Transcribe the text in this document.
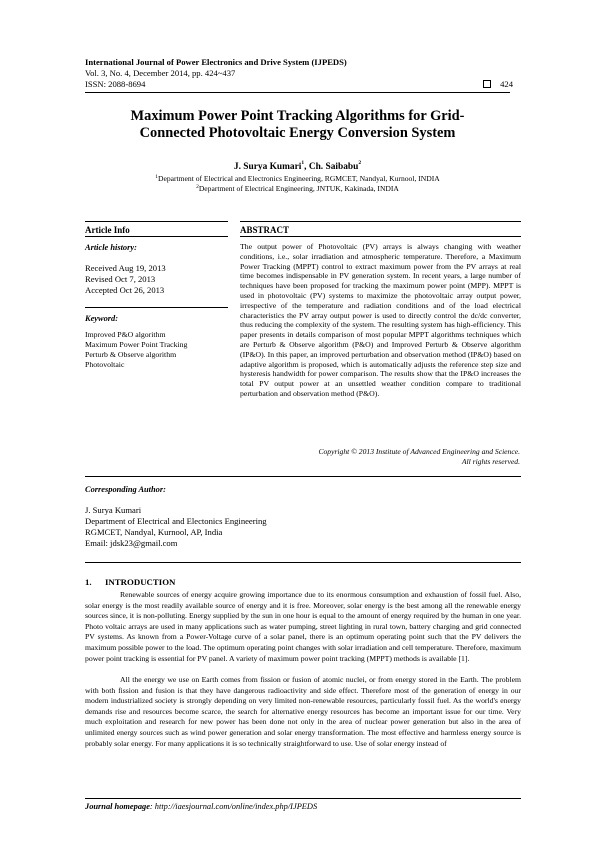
International Journal of Power Electronics and Drive System (IJPEDS)
Vol. 3, No. 4, December 2014, pp. 424~437
ISSN: 2088-8694	424
Maximum Power Point Tracking Algorithms for Grid-
Connected Photovoltaic Energy Conversion System
J. Surya Kumari$^1$, Ch. Saibabu$^2$
$^1$Department of Electrical and Electronics Engineering, RGMCET, Nandyal, Kurnool, INDIA
$^2$Department of Electrical Engineering, JNTUK, Kakinada, INDIA
Article Info	ABSTRACT
Article history:
Received Aug 19, 2013
Revised Oct 7, 2013
Accepted Oct 26, 2013
Keyword:
Improved P&O algorithm
Maximum Power Point Tracking
Perturb & Observe algorithm
Photovoltaic
The output power of Photovoltaic (PV) arrays is always changing with weather conditions, i.e., solar irradiation and atmospheric temperature. Therefore, a Maximum Power Tracking (MPPT) control to extract maximum power from the PV arrays at real time becomes indispensable in PV generation system. In recent years, a large number of techniques have been proposed for tracking the maximum power point (MPP). MPPT is used in photovoltaic (PV) systems to maximize the photovoltaic array output power, irrespective of the temperature and radiation conditions and of the load electrical characteristics the PV array output power is used to directly control the dc/dc converter, thus reducing the complexity of the system. The resulting system has high-efficiency. This paper presents in details comparison of most popular MPPT algorithms techniques which are Perturb & Observe algorithm (P&O) and Improved Perturb & Observe algorithm (IP&O). In this paper, an improved perturbation and observation method (IP&O) based on adaptive algorithm is proposed, which is automatically adjusts the reference step size and hysteresis handwidth for power comparison. The results show that the IP&O increases the total PV output power at an unsettled weather condition compare to traditional perturbation and observation method (P&O).
Copyright © 2013 Institute of Advanced Engineering and Science.
All rights reserved.
Corresponding Author:
J. Surya Kumari
Department of Electrical and Electonics Engineering
RGMCET, Nandyal, Kurnool, AP, India
Email: jdsk23@gmail.com
1. INTRODUCTION
Renewable sources of energy acquire growing importance due to its enormous consumption and exhaustion of fossil fuel. Also, solar energy is the most readily available source of energy and it is free. Moreover, solar energy is the best among all the renewable energy sources since, it is non-polluting. Energy supplied by the sun in one hour is equal to the amount of energy required by the human in one year. Photo voltaic arrays are used in many applications such as water pumping, street lighting in rural town, battery charging and grid connected PV systems. As known from a Power-Voltage curve of a solar panel, there is an optimum operating point such that the PV delivers the maximum possible power to the load. The optimum operating point changes with solar irradiation and cell temperature. Therefore, maximum power point tracking is essential for PV panel. A variety of maximum power point tracking (MPPT) methods is available [1].
All the energy we use on Earth comes from fission or fusion of atomic nuclei, or from energy stored in the Earth. The problem with both fission and fusion is that they have dangerous radioactivity and side effect. Therefore most of the generation of energy in our modern industrialized society is strongly depending on very limited non-renewable resources, particularly fossil fuel. As the world's energy demands rise and resources become scarce, the search for alternative energy resources has become an important issue for our time. Very much exploitation and research for new power has been done not only in the area of nuclear power generation but also in the area of unlimited energy sources such as wind power generation and solar energy transformation. The most effective and harmless energy source is probably solar energy. For many applications it is so technically straightforward to use. Use of solar energy instead of
Journal homepage: http://iaesjournal.com/online/index.php/IJPEDS
